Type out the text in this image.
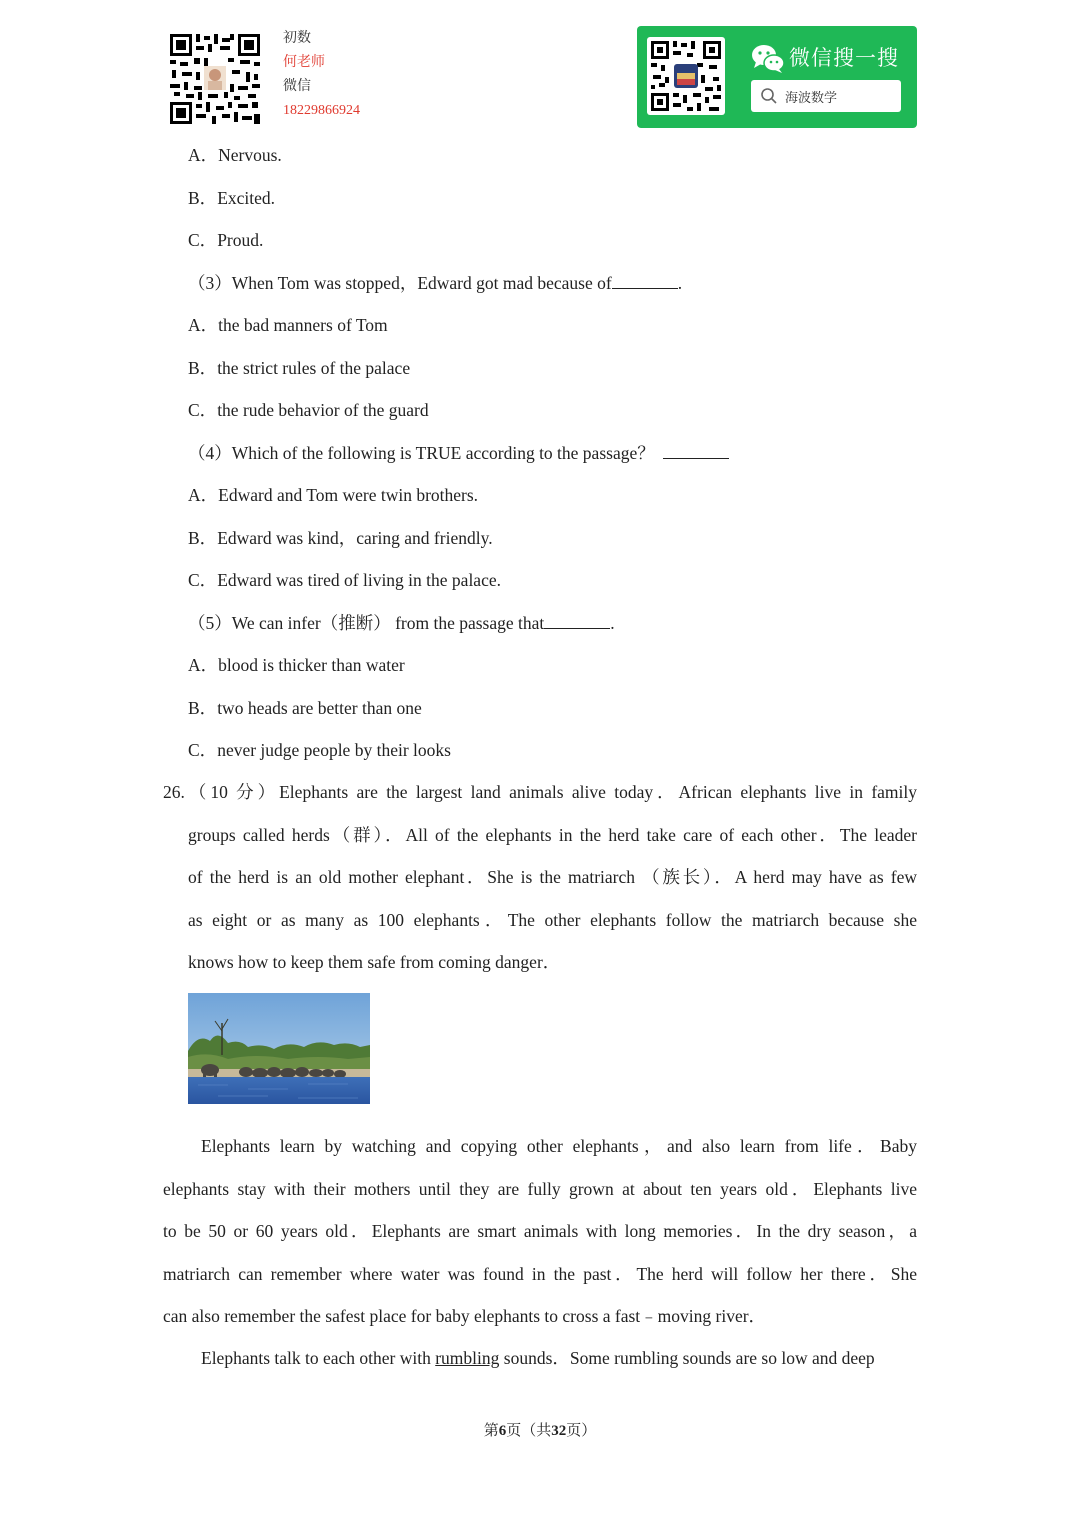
初数
何老师
微信
18229866924
微信搜一搜
海波数学
A．Nervous.
B．Excited.
C．Proud.
（3）When Tom was stopped，Edward got mad because of	.
A．the bad manners of Tom
B．the strict rules of the palace
C．the rude behavior of the guard
（4）Which of the following is TRUE according to the passage？
A．Edward and Tom were twin brothers.
B．Edward was kind，caring and friendly.
C．Edward was tired of living in the palace.
（5）We can infer（推断） from the passage that	.
A．blood is thicker than water
B．two heads are better than one
C．never judge people by their looks
26.（10 分）Elephants are the largest land animals alive today．African elephants live in family
groups called herds（群）．All of the elephants in the herd take care of each other．The leader
of the herd is an old mother elephant．She is the matriarch （族长）．A herd may have as few
as eight or as many as 100 elephants．The other elephants follow the matriarch because she
knows how to keep them safe from coming danger．
Elephants learn by watching and copying other elephants，and also learn from life．Baby
elephants stay with their mothers until they are fully grown at about ten years old．Elephants live
to be 50 or 60 years old．Elephants are smart animals with long memories．In the dry season，a
matriarch can remember where water was found in the past．The herd will follow her there．She
can also remember the safest place for baby elephants to cross a fast﹣moving river．
Elephants talk to each other with rumbling sounds．Some rumbling sounds are so low and deep
第6页（共32页）
